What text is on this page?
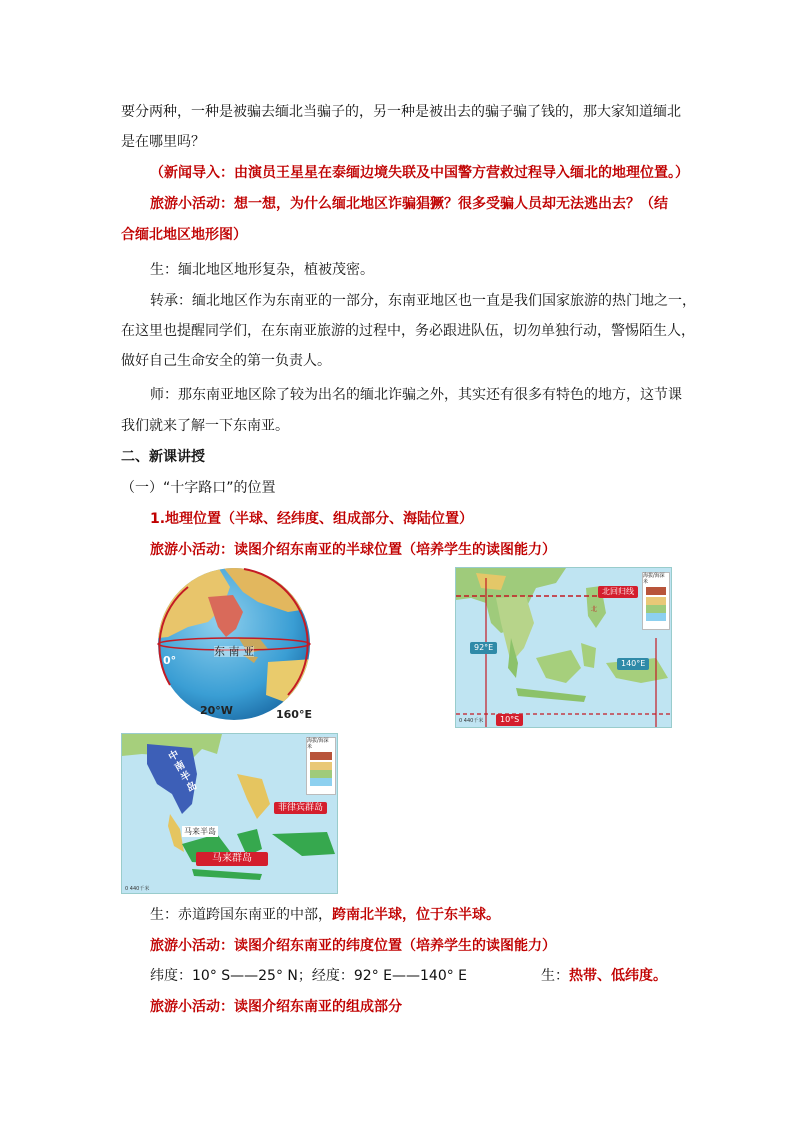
要分两种，一种是被骗去缅北当骗子的，另一种是被出去的骗子骗了钱的，那大家知道缅北
是在哪里吗？
（新闻导入：由演员王星星在泰缅边境失联及中国警方营救过程导入缅北的地理位置。）
旅游小活动：想一想，为什么缅北地区诈骗猖獗？很多受骗人员却无法逃出去？（结
合缅北地区地形图）
生：缅北地区地形复杂，植被茂密。
转承：缅北地区作为东南亚的一部分，东南亚地区也一直是我们国家旅游的热门地之一，
在这里也提醒同学们，在东南亚旅游的过程中，务必跟进队伍，切勿单独行动，警惕陌生人，
做好自己生命安全的第一负责人。
师：那东南亚地区除了较为出名的缅北诈骗之外，其实还有很多有特色的地方，这节课
我们就来了解一下东南亚。
二、新课讲授
（一）“十字路口”的位置
1.地理位置（半球、经纬度、组成部分、海陆位置）
旅游小活动：读图介绍东南亚的半球位置（培养学生的读图能力）
东 南 亚
0°
20°W	160°E
海拔/海深 米
北回归线
北
92°E
140°E
10°S
0 440千米
海拔/海深 米
中南半岛
菲律宾群岛
马来半岛
马来群岛
0 440千米
生：赤道跨国东南亚的中部，跨南北半球，位于东半球。
旅游小活动：读图介绍东南亚的纬度位置（培养学生的读图能力）
纬度：10° S——25° N；经度：92° E——140° E	生：热带、低纬度。
旅游小活动：读图介绍东南亚的组成部分
